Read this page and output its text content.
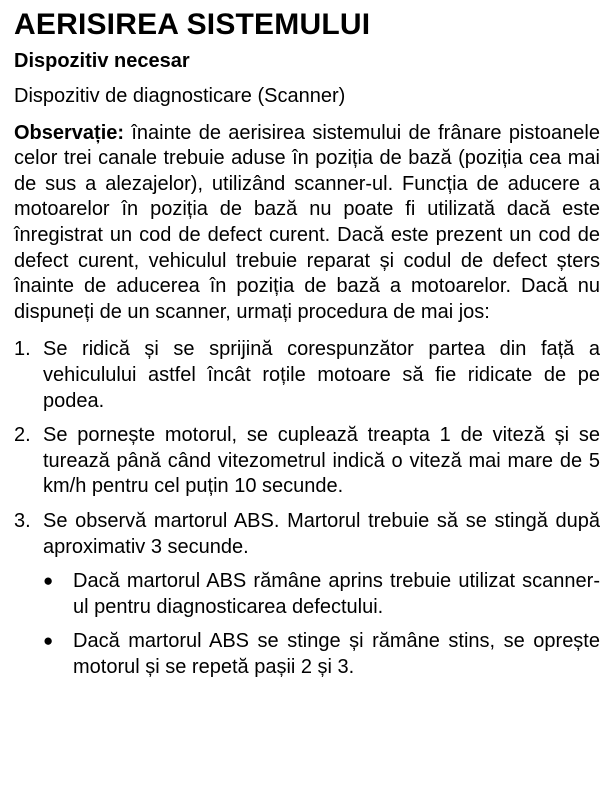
AERISIREA SISTEMULUI
Dispozitiv necesar

Dispozitiv de diagnosticare (Scanner)

Observație: înainte de aerisirea sistemului de frânare pistoanele celor trei canale trebuie aduse în poziția de bază (poziția cea mai de sus a alezajelor), utilizând scanner-ul. Funcția de aducere a motoarelor în poziția de bază nu poate fi utilizată dacă este înregistrat un cod de defect curent. Dacă este prezent un cod de defect curent, vehiculul trebuie reparat și codul de defect șters înainte de aducerea în poziția de bază a motoarelor. Dacă nu dispuneți de un scanner, urmați procedura de mai jos:

1. Se ridică și se sprijină corespunzător partea din față a vehiculului astfel încât roțile motoare să fie ridicate de pe podea.
2. Se pornește motorul, se cuplează treapta 1 de viteză și se turează până când vitezometrul indică o viteză mai mare de 5 km/h pentru cel puțin 10 secunde.
3. Se observă martorul ABS. Martorul trebuie să se stingă după aproximativ 3 secunde.
●
Dacă martorul ABS rămâne aprins trebuie utilizat scanner-ul pentru diagnosticarea defectului.
●
Dacă martorul ABS se stinge și rămâne stins, se oprește motorul și se repetă pașii 2 și 3.
